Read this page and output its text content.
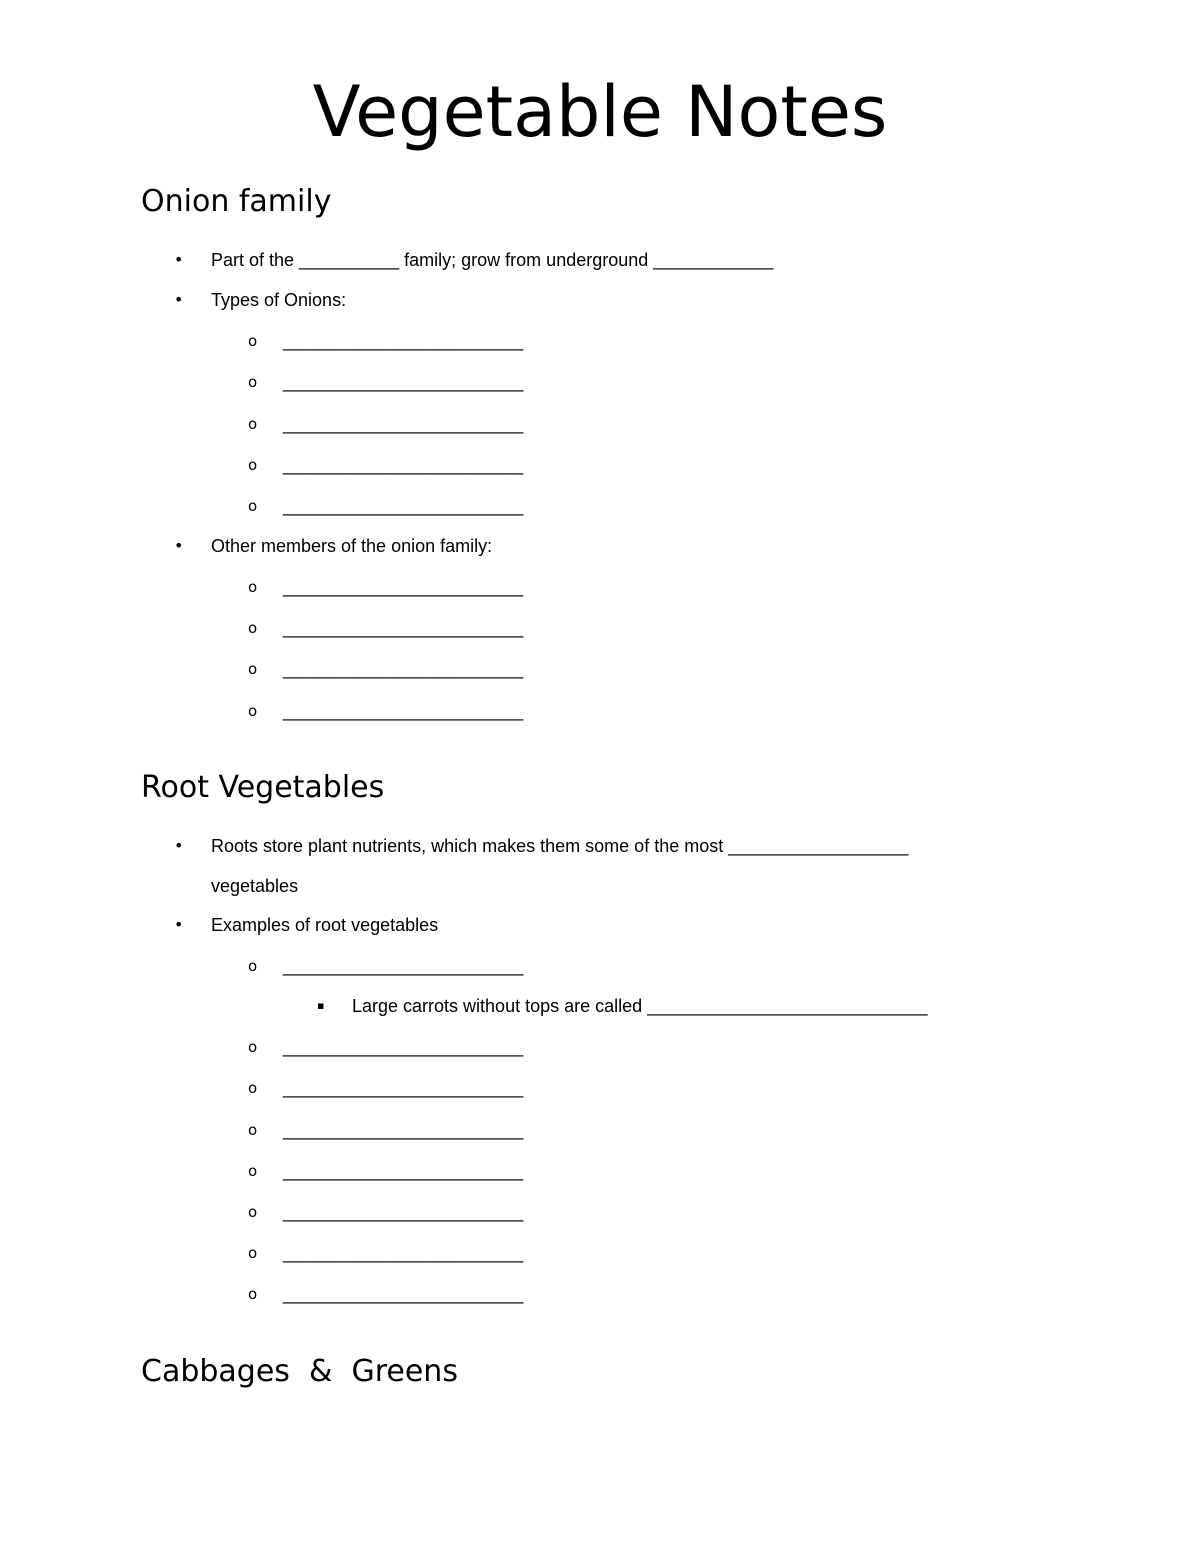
Vegetable Notes
Onion family
• Part of the __________ family; grow from underground ____________
• Types of Onions:
o ________________________
o ________________________
o ________________________
o ________________________
o ________________________
• Other members of the onion family:
o ________________________
o ________________________
o ________________________
o ________________________
Root Vegetables
• Roots store plant nutrients, which makes them some of the most __________________
vegetables
• Examples of root vegetables
o ________________________
▪ Large carrots without tops are called ____________________________
o ________________________
o ________________________
o ________________________
o ________________________
o ________________________
o ________________________
o ________________________
Cabbages  &  Greens
